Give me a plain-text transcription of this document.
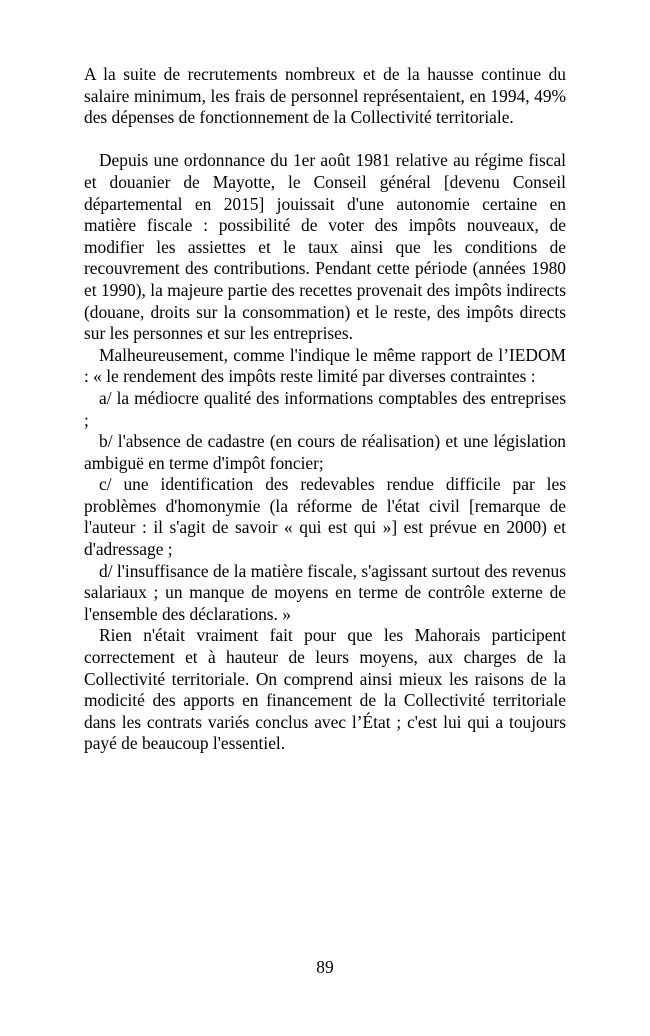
A la suite de recrutements nombreux et de la hausse continue du salaire minimum, les frais de personnel représentaient, en 1994, 49% des dépenses de fonctionnement de la Collectivité territoriale.

Depuis une ordonnance du 1er août 1981 relative au régime fiscal et douanier de Mayotte, le Conseil général [devenu Conseil départemental en 2015] jouissait d'une autonomie certaine en matière fiscale : possibilité de voter des impôts nouveaux, de modifier les assiettes et le taux ainsi que les conditions de recouvrement des contributions. Pendant cette période (années 1980 et 1990), la majeure partie des recettes provenait des impôts indirects (douane, droits sur la consommation) et le reste, des impôts directs sur les personnes et sur les entreprises.

Malheureusement, comme l'indique le même rapport de l’IEDOM : « le rendement des impôts reste limité par diverses contraintes :

a/ la médiocre qualité des informations comptables des entreprises ;

b/ l'absence de cadastre (en cours de réalisation) et une législation ambiguë en terme d'impôt foncier;

c/ une identification des redevables rendue difficile par les problèmes d'homonymie (la réforme de l'état civil [remarque de l'auteur : il s'agit de savoir « qui est qui »] est prévue en 2000) et d'adressage ;

d/ l'insuffisance de la matière fiscale, s'agissant surtout des revenus salariaux ; un manque de moyens en terme de contrôle externe de l'ensemble des déclarations. »

Rien n'était vraiment fait pour que les Mahorais participent correctement et à hauteur de leurs moyens, aux charges de la Collectivité territoriale. On comprend ainsi mieux les raisons de la modicité des apports en financement de la Collectivité territoriale dans les contrats variés conclus avec l’État ; c'est lui qui a toujours payé de beaucoup l'essentiel.

89
